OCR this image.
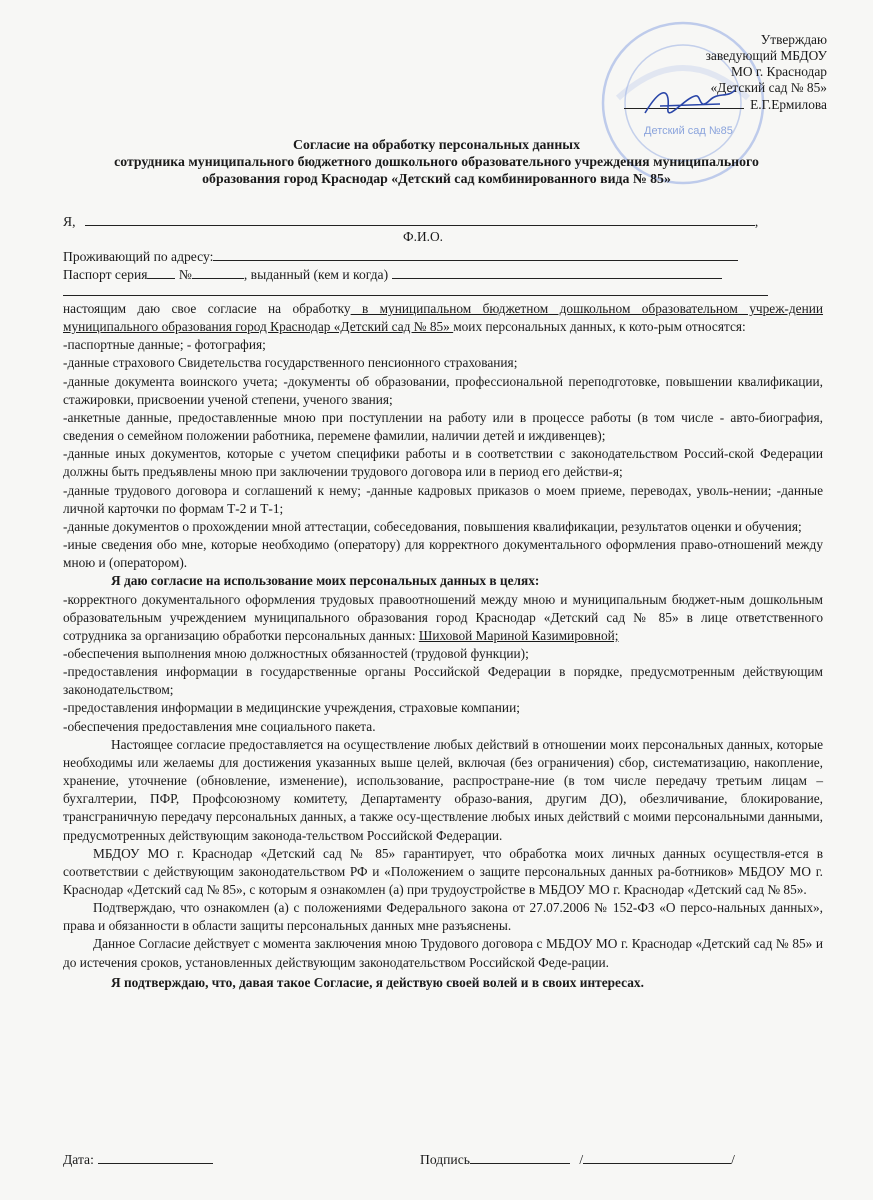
Детский сад №85
Утверждаю
заведующий МБДОУ
МО г. Краснодар
«Детский сад № 85»
Е.Г.Ермилова
Согласие на обработку персональных данных
сотрудника муниципального бюджетного дошкольного образовательного учреждения муниципального
образования город Краснодар «Детский сад комбинированного вида № 85»
Я,	,
Ф.И.О.
Проживающий по адресу:
Паспорт серия №	, выданный (кем и когда)

настоящим даю свое согласие на обработку в муниципальном бюджетном дошкольном образовательном учреж-дении муниципального образования город Краснодар «Детский сад № 85» моих персональных данных, к кото-рым относятся:

-паспортные данные; - фотография;

-данные страхового Свидетельства государственного пенсионного страхования;

-данные документа воинского учета; -документы об образовании, профессиональной переподготовке, повышении квалификации, стажировки, присвоении ученой степени, ученого звания;

-анкетные данные, предоставленные мною при поступлении на работу или в процессе работы (в том числе - авто-биография, сведения о семейном положении работника, перемене фамилии, наличии детей и иждивенцев);

-данные иных документов, которые с учетом специфики работы и в соответствии с законодательством Россий-ской Федерации должны быть предъявлены мною при заключении трудового договора или в период его действи-я;

-данные трудового договора и соглашений к нему; -данные кадровых приказов о моем приеме, переводах, уволь-нении; -данные личной карточки по формам Т-2 и Т-1;

-данные документов о прохождении мной аттестации, собеседования, повышения квалификации, результатов оценки и обучения;

-иные сведения обо мне, которые необходимо (оператору) для корректного документального оформления право-отношений между мною и (оператором).

Я даю согласие на использование моих персональных данных в целях:

-корректного документального оформления трудовых правоотношений между мною и муниципальным бюджет-ным дошкольным образовательным учреждением муниципального образования город Краснодар «Детский сад № 85» в лице ответственного сотрудника за организацию обработки персональных данных: Шиховой Мариной Казимировной;

-обеспечения выполнения мною должностных обязанностей (трудовой функции);

-предоставления информации в государственные органы Российской Федерации в порядке, предусмотренным действующим законодательством;

-предоставления информации в медицинские учреждения, страховые компании;

-обеспечения предоставления мне социального пакета.

Настоящее согласие предоставляется на осуществление любых действий в отношении моих персональных данных, которые необходимы или желаемы для достижения указанных выше целей, включая (без ограничения) сбор, систематизацию, накопление, хранение, уточнение (обновление, изменение), использование, распростране-ние (в том числе передачу третьим лицам – бухгалтерии, ПФР, Профсоюзному комитету, Департаменту образо-вания, другим ДО), обезличивание, блокирование, трансграничную передачу персональных данных, а также осу-ществление любых иных действий с моими персональными данными, предусмотренных действующим законода-тельством Российской Федерации.

МБДОУ МО г. Краснодар «Детский сад № 85» гарантирует, что обработка моих личных данных осуществля-ется в соответствии с действующим законодательством РФ и «Положением о защите персональных данных ра-ботников» МБДОУ МО г. Краснодар «Детский сад № 85», с которым я ознакомлен (а) при трудоустройстве в МБДОУ МО г. Краснодар «Детский сад № 85».

Подтверждаю, что ознакомлен (а) с положениями Федерального закона от 27.07.2006 № 152-ФЗ «О персо-нальных данных», права и обязанности в области защиты персональных данных мне разъяснены.

Данное Согласие действует с момента заключения мною Трудового договора с МБДОУ МО г. Краснодар «Детский сад № 85» и до истечения сроков, установленных действующим законодательством Российской Феде-рации.

Я подтверждаю, что, давая такое Согласие, я действую своей волей и в своих интересах.

Дата:	Подпись	/	/
